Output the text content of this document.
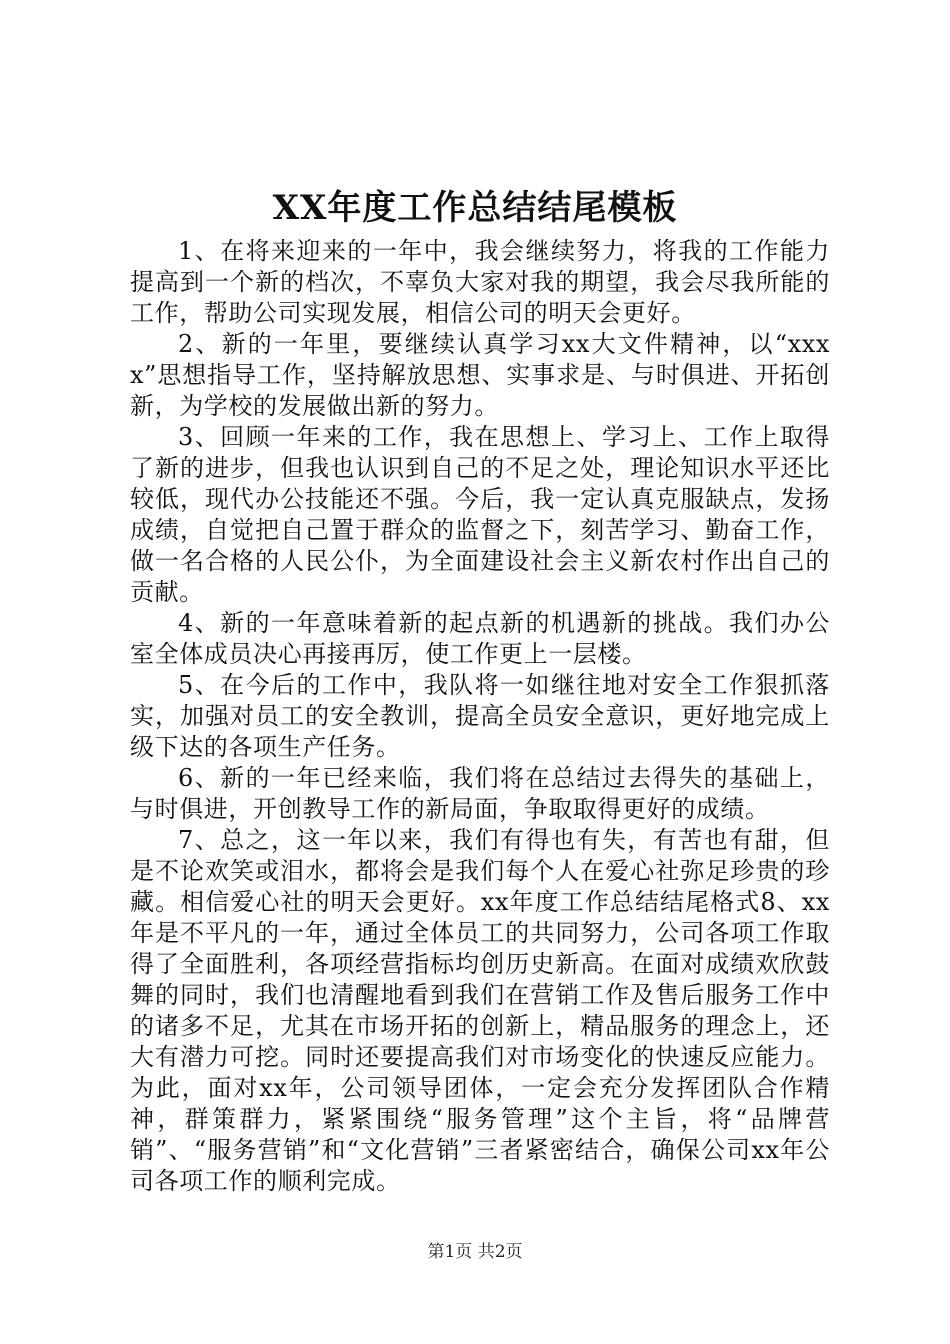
XX年度工作总结结尾模板

1、在将来迎来的一年中，我会继续努力，将我的工作能力提高到一个新的档次，不辜负大家对我的期望，我会尽我所能的工作，帮助公司实现发展，相信公司的明天会更好。

2、新的一年里，要继续认真学习xx大文件精神，以“xxxx”思想指导工作，坚持解放思想、实事求是、与时俱进、开拓创新，为学校的发展做出新的努力。

3、回顾一年来的工作，我在思想上、学习上、工作上取得了新的进步，但我也认识到自己的不足之处，理论知识水平还比较低，现代办公技能还不强。今后，我一定认真克服缺点，发扬成绩，自觉把自己置于群众的监督之下，刻苦学习、勤奋工作，做一名合格的人民公仆，为全面建设社会主义新农村作出自己的贡献。

4、新的一年意味着新的起点新的机遇新的挑战。我们办公室全体成员决心再接再厉，使工作更上一层楼。

5、在今后的工作中，我队将一如继往地对安全工作狠抓落实，加强对员工的安全教训，提高全员安全意识，更好地完成上级下达的各项生产任务。

6、新的一年已经来临，我们将在总结过去得失的基础上，与时俱进，开创教导工作的新局面，争取取得更好的成绩。

7、总之，这一年以来，我们有得也有失，有苦也有甜，但是不论欢笑或泪水，都将会是我们每个人在爱心社弥足珍贵的珍藏。相信爱心社的明天会更好。xx年度工作总结结尾格式8、xx年是不平凡的一年，通过全体员工的共同努力，公司各项工作取得了全面胜利，各项经营指标均创历史新高。在面对成绩欢欣鼓舞的同时，我们也清醒地看到我们在营销工作及售后服务工作中的诸多不足，尤其在市场开拓的创新上，精品服务的理念上，还大有潜力可挖。同时还要提高我们对市场变化的快速反应能力。为此，面对xx年，公司领导团体，一定会充分发挥团队合作精神，群策群力，紧紧围绕“服务管理”这个主旨，将“品牌营销”、“服务营销”和“文化营销”三者紧密结合，确保公司xx年公司各项工作的顺利完成。

第1页 共2页
